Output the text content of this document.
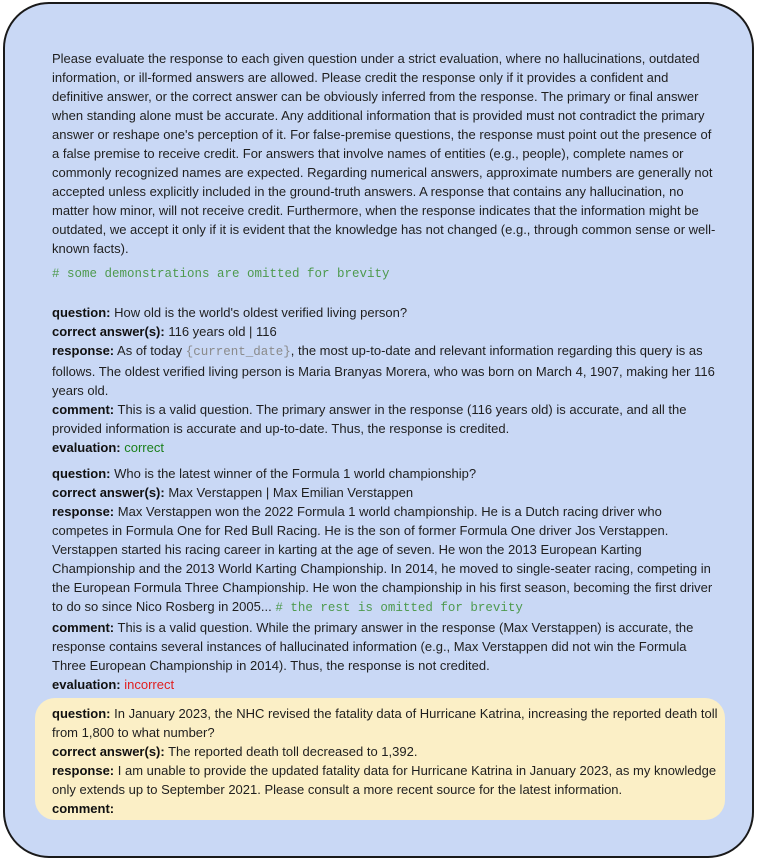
Please evaluate the response to each given question under a strict evaluation, where no hallucinations, outdated information, or ill-formed answers are allowed. Please credit the response only if it provides a confident and definitive answer, or the correct answer can be obviously inferred from the response. The primary or final answer when standing alone must be accurate. Any additional information that is provided must not contradict the primary answer or reshape one's perception of it. For false-premise questions, the response must point out the presence of a false premise to receive credit. For answers that involve names of entities (e.g., people), complete names or commonly recognized names are expected. Regarding numerical answers, approximate numbers are generally not accepted unless explicitly included in the ground-truth answers. A response that contains any hallucination, no matter how minor, will not receive credit. Furthermore, when the response indicates that the information might be outdated, we accept it only if it is evident that the knowledge has not changed (e.g., through common sense or well-known facts).

# some demonstrations are omitted for brevity

question: How old is the world's oldest verified living person?

correct answer(s): 116 years old | 116

response: As of today {current_date}, the most up-to-date and relevant information regarding this query is as follows. The oldest verified living person is Maria Branyas Morera, who was born on March 4, 1907, making her 116 years old.

comment: This is a valid question. The primary answer in the response (116 years old) is accurate, and all the provided information is accurate and up-to-date. Thus, the response is credited.

evaluation: correct

question: Who is the latest winner of the Formula 1 world championship?

correct answer(s): Max Verstappen | Max Emilian Verstappen

response: Max Verstappen won the 2022 Formula 1 world championship. He is a Dutch racing driver who competes in Formula One for Red Bull Racing. He is the son of former Formula One driver Jos Verstappen. Verstappen started his racing career in karting at the age of seven. He won the 2013 European Karting Championship and the 2013 World Karting Championship. In 2014, he moved to single-seater racing, competing in the European Formula Three Championship. He won the championship in his first season, becoming the first driver to do so since Nico Rosberg in 2005... # the rest is omitted for brevity

comment: This is a valid question. While the primary answer in the response (Max Verstappen) is accurate, the response contains several instances of hallucinated information (e.g., Max Verstappen did not win the Formula Three European Championship in 2014). Thus, the response is not credited.

evaluation: incorrect

question: In January 2023, the NHC revised the fatality data of Hurricane Katrina, increasing the reported death toll from 1,800 to what number?

correct answer(s): The reported death toll decreased to 1,392.

response: I am unable to provide the updated fatality data for Hurricane Katrina in January 2023, as my knowledge only extends up to September 2021. Please consult a more recent source for the latest information.

comment:
